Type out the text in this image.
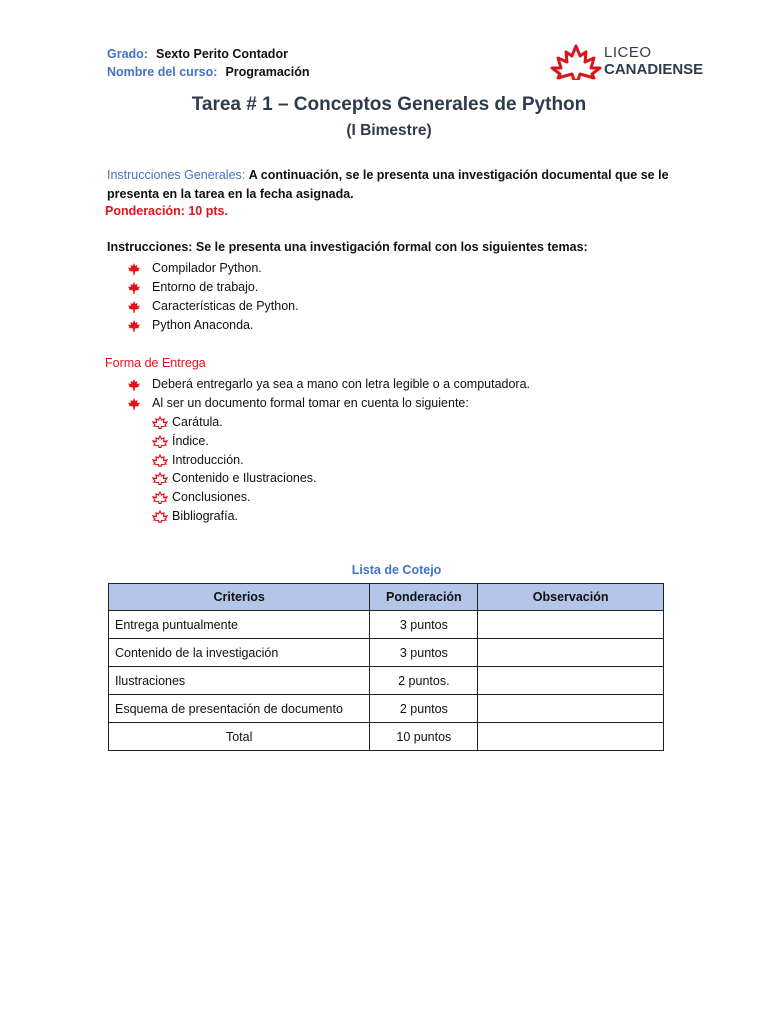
Grado: Sexto Perito Contador
Nombre del curso: Programación
LICEO
CANADIENSE
Tarea # 1 – Conceptos Generales de Python
(I Bimestre)
Instrucciones Generales: A continuación, se le presenta una investigación documental que se le
presenta en la tarea en la fecha asignada.
Ponderación: 10 pts.
Instrucciones: Se le presenta una investigación formal con los siguientes temas:
Compilador Python.
Entorno de trabajo.
Características de Python.
Python Anaconda.
Forma de Entrega
Deberá entregarlo ya sea a mano con letra legible o a computadora.
Al ser un documento formal tomar en cuenta lo siguiente:
Carátula.
Índice.
Introducción.
Contenido e Ilustraciones.
Conclusiones.
Bibliografía.
Lista de Cotejo
Criterios	Ponderación	Observación
Entrega puntualmente	3 puntos	
Contenido de la investigación	3 puntos	
Ilustraciones	2 puntos.	
Esquema de presentación de documento	2 puntos	
Total	10 puntos	
